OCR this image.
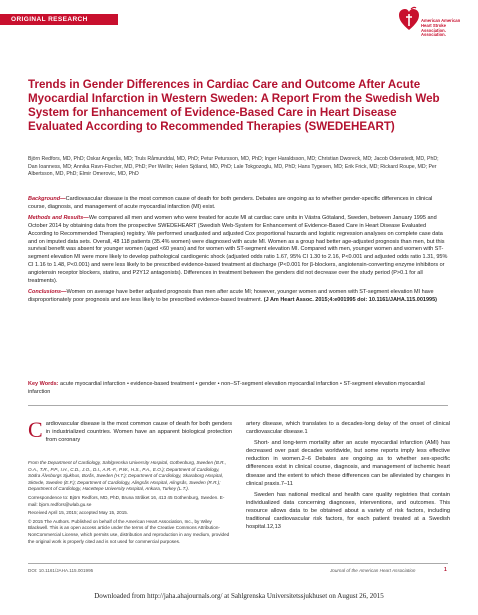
ORIGINAL RESEARCH	American American
Heart Stroke
Association. Association.
Trends in Gender Differences in Cardiac Care and Outcome After Acute Myocardial Infarction in Western Sweden: A Report From the Swedish Web System for Enhancement of Evidence-Based Care in Heart Disease Evaluated According to Recommended Therapies (SWEDEHEART)
Björn Redfors, MD, PhD; Oskar Angerås, MD; Truls Råmunddal, MD, PhD; Petur Petursson, MD, PhD; Inger Haraldsson, MD; Christian Dworeck, MD; Jacob Odenstedt, MD, PhD; Dan Ioanness, MD; Annika Ravn-Fischer, MD, PhD; Per Wellin; Helen Sjöland, MD, PhD; Lale Tokgozoglu, MD, PhD; Hans Tygesen, MD; Erik Frick, MD; Rickard Roupe, MD; Per Albertsson, MD, PhD; Elmir Omerovic, MD, PhD

Background—Cardiovascular disease is the most common cause of death for both genders. Debates are ongoing as to whether gender-specific differences in clinical course, diagnosis, and management of acute myocardial infarction (MI) exist.

Methods and Results—We compared all men and women who were treated for acute MI at cardiac care units in Västra Götaland, Sweden, between January 1995 and October 2014 by obtaining data from the prospective SWEDEHEART (Swedish Web-System for Enhancement of Evidence-Based Care in Heart Disease Evaluated According to Recommended Therapies) registry. We performed unadjusted and adjusted Cox proportional hazards and logistic regression analyses on complete case data and on imputed data sets. Overall, 48 118 patients (35.4% women) were diagnosed with acute MI. Women as a group had better age-adjusted prognosis than men, but this survival benefit was absent for younger women (aged <60 years) and for women with ST-segment elevation MI. Compared with men, younger women and women with ST-segment elevation MI were more likely to develop pathological cardiogenic shock (adjusted odds ratio 1.67, 95% CI 1.30 to 2.16, P<0.001 and adjusted odds ratio 1.31, 95% CI 1.16 to 1.48, P<0.001) and were less likely to be prescribed evidence-based treatment at discharge (P<0.001 for β-blockers, angiotensin-converting enzyme inhibitors or angiotensin receptor blockers, statins, and P2Y12 antagonists). Differences in treatment between the genders did not decrease over the study period (P>0.1 for all treatments).

Conclusions—Women on average have better adjusted prognosis than men after acute MI; however, younger women and women with ST-segment elevation MI have disproportionately poor prognosis and are less likely to be prescribed evidence-based treatment. (J Am Heart Assoc. 2015;4:e001995 doi: 10.1161/JAHA.115.001995)

Key Words: acute myocardial infarction • evidence-based treatment • gender • non–ST-segment elevation myocardial infarction • ST-segment elevation myocardial infarction

Cardiovascular disease is the most common cause of death for both genders in industrialized countries. Women have an apparent biological protection from coronary

From the Department of Cardiology, Sahlgrenska University Hospital, Gothenburg, Sweden (B.R., O.A., T.R., P.P., I.H., C.D., J.O., D.I., A.R.-F., P.W., H.S., P.A., E.O.); Department of Cardiology, Södra Älvsborgs Sjukhus, Borås, Sweden (H.T.); Department of Cardiology, Skaraborg Hospital, Skövde, Sweden (E.F.); Department of Cardiology, Alingsås Hospital, Alingsås, Sweden (R.R.); Department of Cardiology, Hacettepe University Hospital, Ankara, Turkey (L.T.).

Correspondence to: Björn Redfors, MD, PhD, Bruna Stråket 16, 413 45 Gothenburg, Sweden. E-mail: bjorn.redfors@wlab.gu.se

Received April 15, 2015; accepted May 15, 2015.

© 2015 The Authors. Published on behalf of the American Heart Association, Inc., by Wiley Blackwell. This is an open access article under the terms of the Creative Commons Attribution-NonCommercial License, which permits use, distribution and reproduction in any medium, provided the original work is properly cited and is not used for commercial purposes.

artery disease, which translates to a decades-long delay of the onset of clinical cardiovascular disease.1

Short- and long-term mortality after an acute myocardial infarction (AMI) has decreased over past decades worldwide, but some reports imply less effective reduction in women.2–6 Debates are ongoing as to whether sex-specific differences exist in clinical course, diagnosis, and management of ischemic heart disease and the extent to which these differences can be alleviated by changes in clinical praxis.7–11

Sweden has national medical and health care quality registries that contain individualized data concerning diagnoses, interventions, and outcomes. This resource allows data to be obtained about a variety of risk factors, including traditional cardiovascular risk factors, for each patient treated at a Swedish hospital.12,13

DOI: 10.1161/JAHA.115.001995	Journal of the American Heart Association	1
Downloaded from http://jaha.ahajournals.org/ at Sahlgrenska Universitetssjukhuset on August 26, 2015
